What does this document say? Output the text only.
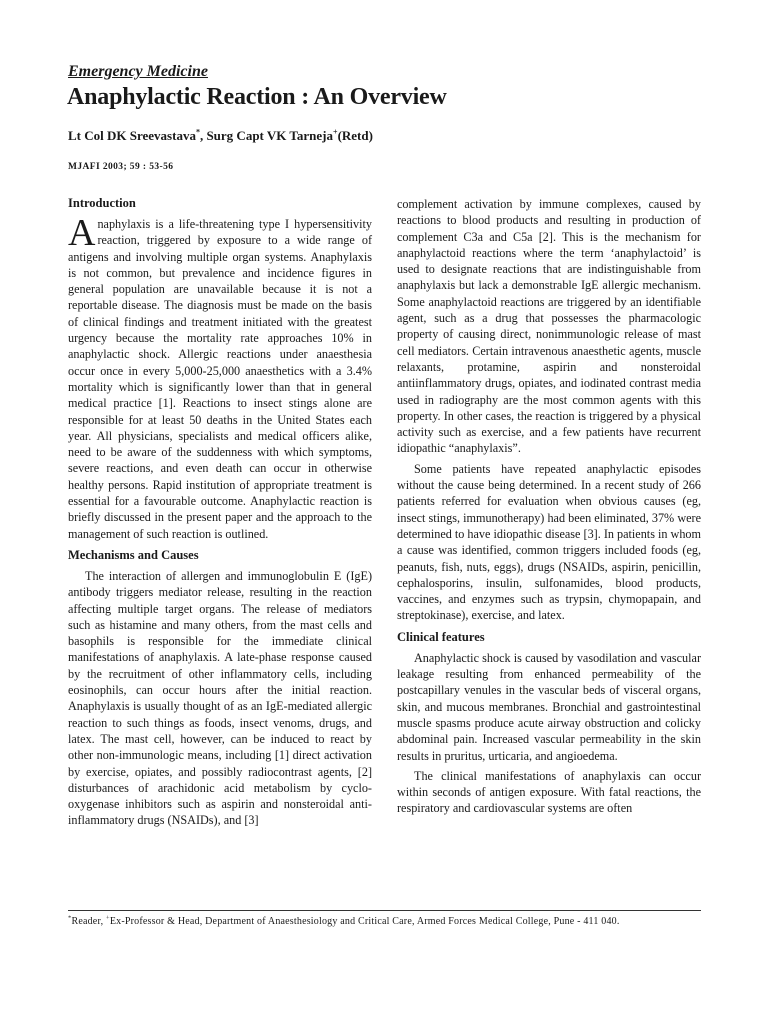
Emergency Medicine
Anaphylactic Reaction : An Overview
Lt Col DK Sreevastava*, Surg Capt VK Tarneja+(Retd)
MJAFI 2003; 59 : 53-56
Introduction

Anaphylaxis is a life-threatening type I hypersensitivity reaction, triggered by exposure to a wide range of antigens and involving multiple organ systems. Anaphylaxis is not common, but prevalence and incidence figures in general population are unavailable because it is not a reportable disease. The diagnosis must be made on the basis of clinical findings and treatment initiated with the greatest urgency because the mortality rate approaches 10% in anaphylactic shock. Allergic reactions under anaesthesia occur once in every 5,000-25,000 anaesthetics with a 3.4% mortality which is significantly lower than that in general medical practice [1]. Reactions to insect stings alone are responsible for at least 50 deaths in the United States each year. All physicians, specialists and medical officers alike, need to be aware of the suddenness with which symptoms, severe reactions, and even death can occur in otherwise healthy persons. Rapid institution of appropriate treatment is essential for a favourable outcome. Anaphylactic reaction is briefly discussed in the present paper and the approach to the management of such reaction is outlined.

Mechanisms and Causes

The interaction of allergen and immunoglobulin E (IgE) antibody triggers mediator release, resulting in the reaction affecting multiple target organs. The release of mediators such as histamine and many others, from the mast cells and basophils is responsible for the immediate clinical manifestations of anaphylaxis. A late-phase response caused by the recruitment of other inflammatory cells, including eosinophils, can occur hours after the initial reaction. Anaphylaxis is usually thought of as an IgE-mediated allergic reaction to such things as foods, insect venoms, drugs, and latex. The mast cell, however, can be induced to react by other non-immunologic means, including [1] direct activation by exercise, opiates, and possibly radiocontrast agents, [2] disturbances of arachidonic acid metabolism by cyclo-oxygenase inhibitors such as aspirin and nonsteroidal anti-inflammatory drugs (NSAIDs), and [3]

complement activation by immune complexes, caused by reactions to blood products and resulting in production of complement C3a and C5a [2]. This is the mechanism for anaphylactoid reactions where the term ‘anaphylactoid’ is used to designate reactions that are indistinguishable from anaphylaxis but lack a demonstrable IgE allergic mechanism. Some anaphylactoid reactions are triggered by an identifiable agent, such as a drug that possesses the pharmacologic property of causing direct, nonimmunologic release of mast cell mediators. Certain intravenous anaesthetic agents, muscle relaxants, protamine, aspirin and nonsteroidal antiinflammatory drugs, opiates, and iodinated contrast media used in radiography are the most common agents with this property. In other cases, the reaction is triggered by a physical activity such as exercise, and a few patients have recurrent idiopathic “anaphylaxis”.

Some patients have repeated anaphylactic episodes without the cause being determined. In a recent study of 266 patients referred for evaluation when obvious causes (eg, insect stings, immunotherapy) had been eliminated, 37% were determined to have idiopathic disease [3]. In patients in whom a cause was identified, common triggers included foods (eg, peanuts, fish, nuts, eggs), drugs (NSAIDs, aspirin, penicillin, cephalosporins, insulin, sulfonamides, blood products, vaccines, and enzymes such as trypsin, chymopapain, and streptokinase), exercise, and latex.

Clinical features

Anaphylactic shock is caused by vasodilation and vascular leakage resulting from enhanced permeability of the postcapillary venules in the vascular beds of visceral organs, skin, and mucous membranes. Bronchial and gastrointestinal muscle spasms produce acute airway obstruction and colicky abdominal pain. Increased vascular permeability in the skin results in pruritus, urticaria, and angioedema.

The clinical manifestations of anaphylaxis can occur within seconds of antigen exposure. With fatal reactions, the respiratory and cardiovascular systems are often

*Reader, +Ex-Professor & Head, Department of Anaesthesiology and Critical Care, Armed Forces Medical College, Pune - 411 040.
